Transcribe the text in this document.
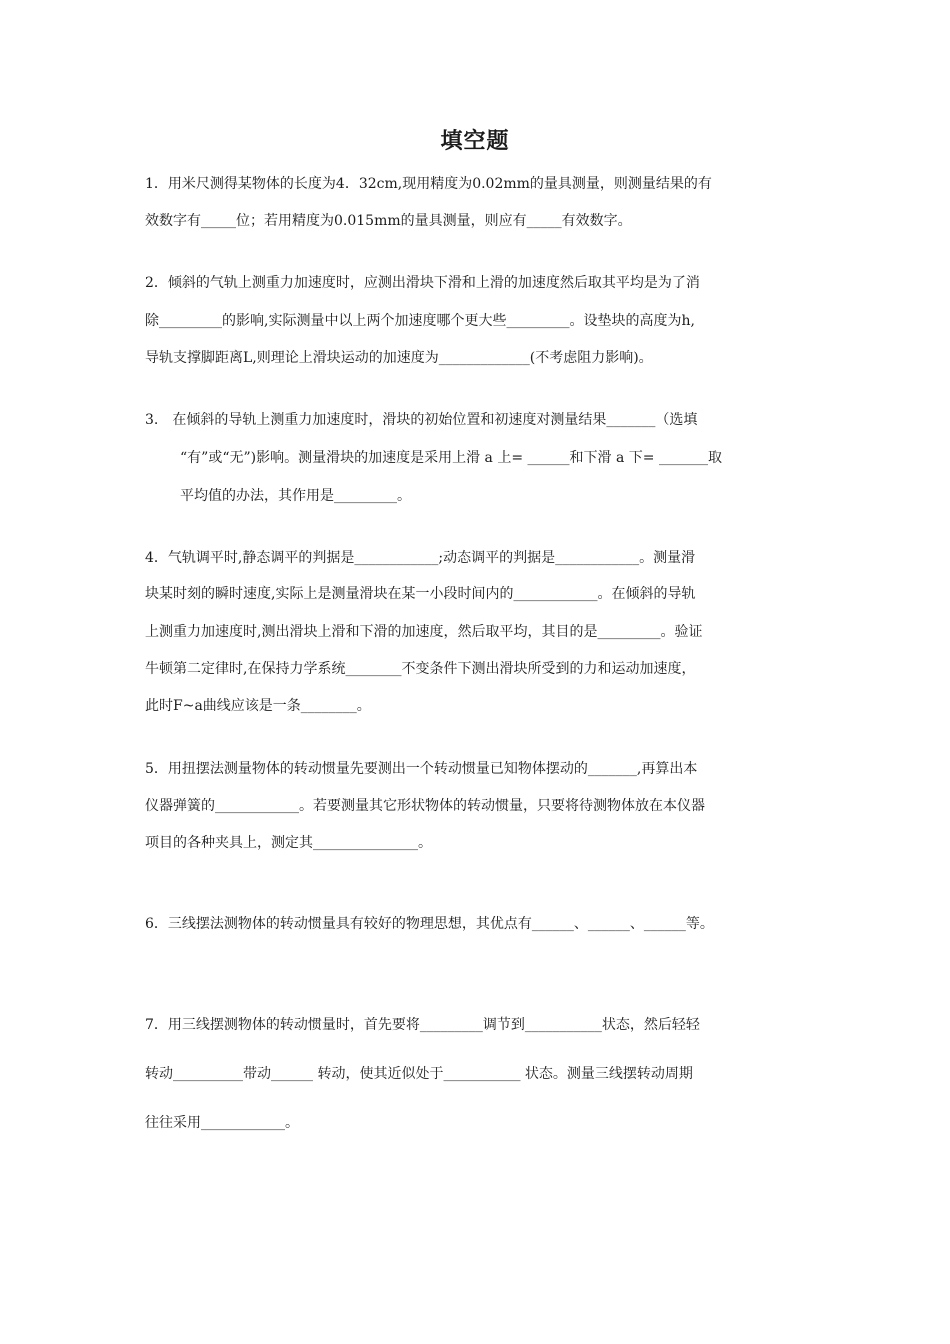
填空题
1．用米尺测得某物体的长度为4．32cm,现用精度为0.02mm的量具测量，则测量结果的有
效数字有_____位；若用精度为0.015mm的量具测量，则应有_____有效数字。
2．倾斜的气轨上测重力加速度时，应测出滑块下滑和上滑的加速度然后取其平均是为了消
除_________的影响,实际测量中以上两个加速度哪个更大些_________。设垫块的高度为h,
导轨支撑脚距离L,则理论上滑块运动的加速度为_____________(不考虑阻力影响)。
3.　在倾斜的导轨上测重力加速度时，滑块的初始位置和初速度对测量结果_______（选填
“有”或“无”)影响。测量滑块的加速度是采用上滑 a 上= ______和下滑 a 下= _______取
平均值的办法，其作用是_________。
4．气轨调平时,静态调平的判据是____________;动态调平的判据是____________。测量滑
块某时刻的瞬时速度,实际上是测量滑块在某一小段时间内的____________。在倾斜的导轨
上测重力加速度时,测出滑块上滑和下滑的加速度，然后取平均，其目的是_________。验证
牛顿第二定律时,在保持力学系统________不变条件下测出滑块所受到的力和运动加速度，
此时F~a曲线应该是一条________。
5．用扭摆法测量物体的转动惯量先要测出一个转动惯量已知物体摆动的_______,再算出本
仪器弹簧的____________。若要测量其它形状物体的转动惯量，只要将待测物体放在本仪器
项目的各种夹具上，测定其_______________。
6．三线摆法测物体的转动惯量具有较好的物理思想，其优点有______、______、______等。
7．用三线摆测物体的转动惯量时，首先要将_________调节到___________状态，然后轻轻
转动__________带动______ 转动，使其近似处于___________ 状态。测量三线摆转动周期
往往采用____________。
